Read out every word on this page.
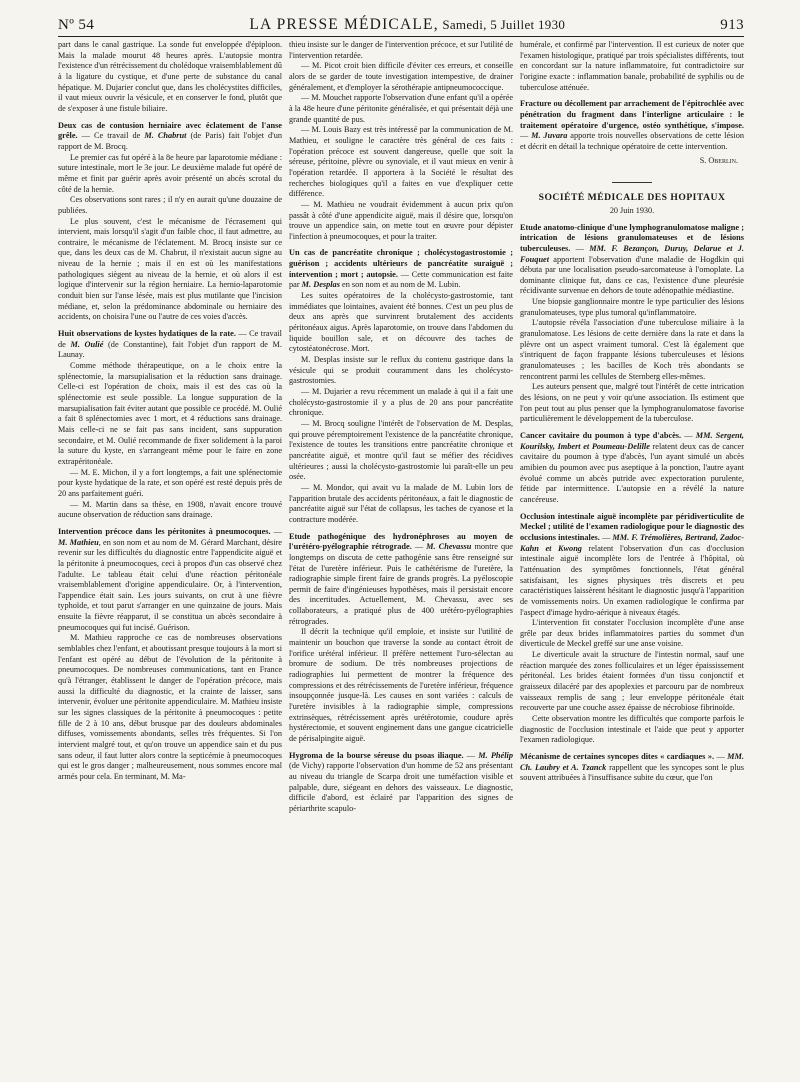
Nº 54	LA PRESSE MÉDICALE, Samedi, 5 Juillet 1930	913

part dans le canal gastrique. La sonde fut enveloppée d'épiploon. Mais la malade mourut 48 heures après. L'autopsie montra l'existence d'un rétrécissement du cholédoque vraisemblablement dû à la ligature du cystique, et d'une perte de substance du canal hépatique. M. Dujarier conclut que, dans les cholécystites difficiles, il vaut mieux ouvrir la vésicule, et en conserver le fond, plutôt que de s'exposer à une fistule biliaire.

Deux cas de contusion herniaire avec éclatement de l'anse grêle. — Ce travail de M. Chabrut (de Paris) fait l'objet d'un rapport de M. Brocq.

Le premier cas fut opéré à la 8e heure par laparotomie médiane : suture intestinale, mort le 3e jour. Le deuxième malade fut opéré de même et finit par guérir après avoir présenté un abcès scrotal du côté de la hernie.

Ces observations sont rares ; il n'y en aurait qu'une douzaine de publiées.

Le plus souvent, c'est le mécanisme de l'écrasement qui intervient, mais lorsqu'il s'agit d'un faible choc, il faut admettre, au contraire, le mécanisme de l'éclatement. M. Brocq insiste sur ce que, dans les deux cas de M. Chabrut, il n'existait aucun signe au niveau de la hernie ; mais il en est où les manifestations pathologiques siègent au niveau de la hernie, et où alors il est logique d'intervenir sur la région herniaire. La hernio-laparotomie conduit bien sur l'anse lésée, mais est plus mutilante que l'incision médiane, et, selon la prédominance abdominale ou herniaire des accidents, on choisira l'une ou l'autre de ces voies d'accès.

Huit observations de kystes hydatiques de la rate. — Ce travail de M. Oulié (de Constantine), fait l'objet d'un rapport de M. Launay.

Comme méthode thérapeutique, on a le choix entre la splénectomie, la marsupialisation et la réduction sans drainage. Celle-ci est l'opération de choix, mais il est des cas où la splénectomie est seule possible. La longue suppuration de la marsupialisation fait éviter autant que possible ce procédé. M. Oulié a fait 8 splénectomies avec 1 mort, et 4 réductions sans drainage. Mais celle-ci ne se fait pas sans incident, sans suppuration secondaire, et M. Oulié recommande de fixer solidement à la paroi la suture du kyste, en s'arrangeant même pour le faire en zone extrapéritonéale.

— M. E. Michon, il y a fort longtemps, a fait une splénectomie pour kyste hydatique de la rate, et son opéré est resté depuis près de 20 ans parfaitement guéri.

— M. Martin dans sa thèse, en 1908, n'avait encore trouvé aucune observation de réduction sans drainage.

Intervention précoce dans les péritonites à pneumocoques. — M. Mathieu, en son nom et au nom de M. Gérard Marchant, désire revenir sur les difficultés du diagnostic entre l'appendicite aiguë et la péritonite à pneumocoques, ceci à propos d'un cas observé chez l'adulte. Le tableau était celui d'une réaction péritonéale vraisemblablement d'origine appendiculaire. Or, à l'intervention, l'appendice était sain. Les jours suivants, on crut à une fièvre typhoïde, et tout parut s'arranger en une quinzaine de jours. Mais ensuite la fièvre réapparut, il se constitua un abcès secondaire à pneumocoques qui fut incisé. Guérison.

M. Mathieu rapproche ce cas de nombreuses observations semblables chez l'enfant, et aboutissant presque toujours à la mort si l'enfant est opéré au début de l'évolution de la péritonite à pneumocoques. De nombreuses communications, tant en France qu'à l'étranger, établissent le danger de l'opération précoce, mais aussi la difficulté du diagnostic, et la crainte de laisser, sans intervenir, évoluer une péritonite appendiculaire. M. Mathieu insiste sur les signes classiques de la péritonite à pneumocoques : petite fille de 2 à 10 ans, début brusque par des douleurs abdominales diffuses, vomissements abondants, selles très fréquentes. Si l'on intervient malgré tout, et qu'on trouve un appendice sain et du pus sans odeur, il faut lutter alors contre la septicémie à pneumocoques qui est le gros danger ; malheureusement, nous sommes encore mal armés pour cela. En terminant, M. Ma-

thieu insiste sur le danger de l'intervention précoce, et sur l'utilité de l'intervention retardée.

— M. Picot croit bien difficile d'éviter ces erreurs, et conseille alors de se garder de toute investigation intempestive, de drainer généralement, et d'employer la sérothérapie antipneumococcique.

— M. Mouchet rapporte l'observation d'une enfant qu'il a opérée à la 48e heure d'une péritonite généralisée, et qui présentait déjà une grande quantité de pus.

— M. Louis Bazy est très intéressé par la communication de M. Mathieu, et souligne le caractère très général de ces faits : l'opération précoce est souvent dangereuse, quelle que soit la séreuse, péritoine, plèvre ou synoviale, et il vaut mieux en venir à l'opération retardée. Il apportera à la Société le résultat des recherches biologiques qu'il a faites en vue d'expliquer cette différence.

— M. Mathieu ne voudrait évidemment à aucun prix qu'on passât à côté d'une appendicite aiguë, mais il désire que, lorsqu'on trouve un appendice sain, on mette tout en œuvre pour dépister l'infection à pneumocoques, et pour la traiter.

Un cas de pancréatite chronique ; cholécystogastrostomie ; guérison ; accidents ultérieurs de pancréatite suraiguë ; intervention ; mort ; autopsie. — Cette communication est faite par M. Desplas en son nom et au nom de M. Lubin.

Les suites opératoires de la cholécysto-gastrostomie, tant immédiates que lointaines, avaient été bonnes. C'est un peu plus de deux ans après que survinrent brutalement des accidents péritonéaux aigus. Après laparotomie, on trouve dans l'abdomen du liquide bouillon sale, et on découvre des taches de cytostéatonécrose. Mort.

M. Desplas insiste sur le reflux du contenu gastrique dans la vésicule qui se produit couramment dans les cholécysto-gastrostomies.

— M. Dujarier a revu récemment un malade à qui il a fait une cholécysto-gastrostomie il y a plus de 20 ans pour pancréatite chronique.

— M. Brocq souligne l'intérêt de l'observation de M. Desplas, qui prouve péremptoirement l'existence de la pancréatite chronique, l'existence de toutes les transitions entre pancréatite chronique et pancréatite aiguë, et montre qu'il faut se méfier des récidives ultérieures ; aussi la cholécysto-gastrostomie lui paraît-elle un peu osée.

— M. Mondor, qui avait vu la malade de M. Lubin lors de l'apparition brutale des accidents péritonéaux, a fait le diagnostic de pancréatite aiguë sur l'état de collapsus, les taches de cyanose et la contracture modérée.

Etude pathogénique des hydronéphroses au moyen de l'urétéro-pyélographie rétrograde. — M. Chevassu montre que longtemps on discuta de cette pathogénie sans être renseigné sur l'état de l'uretère inférieur. Puis le cathétérisme de l'uretère, la radiographie simple firent faire de grands progrès. La pyéloscopie permit de faire d'ingénieuses hypothèses, mais il persistait encore des incertitudes. Actuellement, M. Chevassu, avec ses collaborateurs, a pratiqué plus de 400 urétéro-pyélographies rétrogrades.

Il décrit la technique qu'il emploie, et insiste sur l'utilité de maintenir un bouchon que traverse la sonde au contact étroit de l'orifice urétéral inférieur. Il préfère nettement l'uro-sélectan au bromure de sodium. De très nombreuses projections de radiographies lui permettent de montrer la fréquence des compressions et des rétrécissements de l'uretère inférieur, fréquence insoupçonnée jusque-là. Les causes en sont variées : calculs de l'uretère invisibles à la radiographie simple, compressions extrinsèques, rétrécissement après urétérotomie, coudure après hystérectomie, et souvent enginement dans une gangue cicatricielle de périsalpingite aiguë.

Hygroma de la bourse séreuse du psoas iliaque. — M. Phélip (de Vichy) rapporte l'observation d'un homme de 52 ans présentant au niveau du triangle de Scarpa droit une tuméfaction visible et palpable, dure, siégeant en dehors des vaisseaux. Le diagnostic, difficile d'abord, est éclairé par l'apparition des signes de périarthrite scapulo-

humérale, et confirmé par l'intervention. Il est curieux de noter que l'examen histologique, pratiqué par trois spécialistes différents, tout en concordant sur la nature inflammatoire, fut contradictoire sur l'origine exacte : inflammation banale, probabilité de syphilis ou de tuberculose atténuée.

Fracture ou décollement par arrachement de l'épitrochlée avec pénétration du fragment dans l'interligne articulaire : le traitement opératoire d'urgence, ostéo synthétique, s'impose. — M. Juvara apporte trois nouvelles observations de cette lésion et décrit en détail la technique opératoire de cette intervention.
S. Oberlin.
SOCIÉTÉ MÉDICALE DES HOPITAUX
20 Juin 1930.
Etude anatomo-clinique d'une lymphogranulomatose maligne ; intrication de lésions granulomateuses et de lésions tuberculeuses. — MM. F. Bezançon, Duruy, Delarue et J. Fouquet apportent l'observation d'une maladie de Hogdkin qui débuta par une localisation pseudo-sarcomateuse à l'omoplate. La dominante clinique fut, dans ce cas, l'existence d'une pleurésie récidivante survenue en dehors de toute adénopathie médiastine.

Une biopsie ganglionnaire montre le type particulier des lésions granulomateuses, type plus tumoral qu'inflammatoire.

L'autopsie révéla l'association d'une tuberculose miliaire à la granulomatose. Les lésions de cette dernière dans la rate et dans la plèvre ont un aspect vraiment tumoral. C'est là également que s'intriquent de façon frappante lésions tuberculeuses et lésions granulomateuses ; les bacilles de Koch très abondants se rencontrent parmi les cellules de Sternberg elles-mêmes.

Les auteurs pensent que, malgré tout l'intérêt de cette intrication des lésions, on ne peut y voir qu'une association. Ils estiment que l'on peut tout au plus penser que la lymphogranulomatose favorise particulièrement le développement de la tuberculose.

Cancer cavitaire du poumon à type d'abcès. — MM. Sergent, Kourilsky, Imbert et Poumeau-Delille relatent deux cas de cancer cavitaire du poumon à type d'abcès, l'un ayant simulé un abcès amibien du poumon avec pus aseptique à la ponction, l'autre ayant évolué comme un abcès putride avec expectoration purulente, fétide par intermittence. L'autopsie en a révélé la nature cancéreuse.
Occlusion intestinale aiguë incomplète par péridiverticulite de Meckel ; utilité de l'examen radiologique pour le diagnostic des occlusions intestinales. — MM. F. Trémolières, Bertrand, Zadoc-Kahn et Kwong relatent l'observation d'un cas d'occlusion intestinale aiguë incomplète lors de l'entrée à l'hôpital, où l'atténuation des symptômes fonctionnels, l'état général satisfaisant, les signes physiques très discrets et peu caractéristiques laissèrent hésitant le diagnostic jusqu'à l'apparition de vomissements noirs. Un examen radiologique le confirma par l'aspect d'image hydro-aérique à niveaux étagés.

L'intervention fit constater l'occlusion incomplète d'une anse grêle par deux brides inflammatoires parties du sommet d'un diverticule de Meckel greffé sur une anse voisine.

Le diverticule avait la structure de l'intestin normal, sauf une réaction marquée des zones folliculaires et un léger épaississement péritonéal. Les brides étaient formées d'un tissu conjonctif et graisseux dilacéré par des apoplexies et parcouru par de nombreux vaisseaux remplis de sang ; leur enveloppe péritonéale était recouverte par une couche assez épaisse de nécrobiose fibrinoïde.

Cette observation montre les difficultés que comporte parfois le diagnostic de l'occlusion intestinale et l'aide que peut y apporter l'examen radiologique.

Mécanisme de certaines syncopes dites « cardiaques ». — MM. Ch. Laubry et A. Tzanck rappellent que les syncopes sont le plus souvent attribuées à l'insuffisance subite du cœur, que l'on
